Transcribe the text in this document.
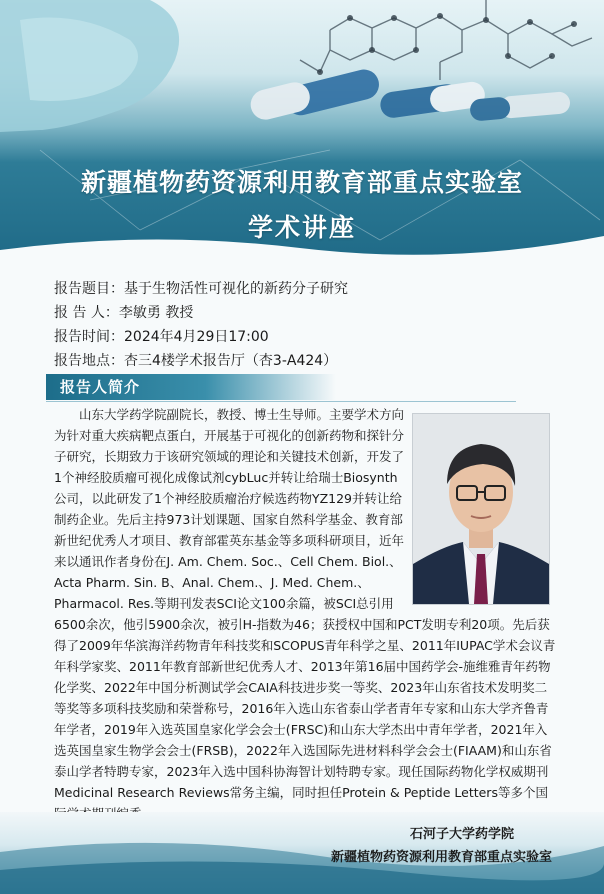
新疆植物药资源利用教育部重点实验室
学术讲座
报告题目：基于生物活性可视化的新药分子研究
报 告 人：李敏勇 教授
报告时间：2024年4月29日17:00
报告地点：杏三4楼学术报告厅（杏3-A424）
报告人简介
山东大学药学院副院长，教授、博士生导师。主要学术方向为针对重大疾病靶点蛋白，开展基于可视化的创新药物和探针分子研究，长期致力于该研究领域的理论和关键技术创新，开发了1个神经胶质瘤可视化成像试剂cybLuc并转让给瑞士Biosynth公司，以此研发了1个神经胶质瘤治疗候选药物YZ129并转让给制药企业。先后主持973计划课题、国家自然科学基金、教育部新世纪优秀人才项目、教育部霍英东基金等多项科研项目，近年来以通讯作者身份在J. Am. Chem. Soc.、Cell Chem. Biol.、Acta Pharm. Sin. B、Anal. Chem.、J. Med. Chem.、Pharmacol. Res.等期刊发表SCI论文100余篇，被SCI总引用6500余次，他引5900余次，被引H-指数为46；获授权中国和PCT发明专利20项。先后获得了2009年华滨海洋药物青年科技奖和SCOPUS青年科学之星、2011年IUPAC学术会议青年科学家奖、2011年教育部新世纪优秀人才、2013年第16届中国药学会-施维雅青年药物化学奖、2022年中国分析测试学会CAIA科技进步奖一等奖、2023年山东省技术发明奖二等奖等多项科技奖励和荣誉称号，2016年入选山东省泰山学者青年专家和山东大学齐鲁青年学者，2019年入选英国皇家化学会会士(FRSC)和山东大学杰出中青年学者，2021年入选英国皇家生物学会会士(FRSB)，2022年入选国际先进材料科学会会士(FIAAM)和山东省泰山学者特聘专家，2023年入选中国科协海智计划特聘专家。现任国际药物化学权威期刊Medicinal Research Reviews常务主编，同时担任Protein & Peptide Letters等多个国
石河子大学药学院
新疆植物药资源利用教育部重点实验室
